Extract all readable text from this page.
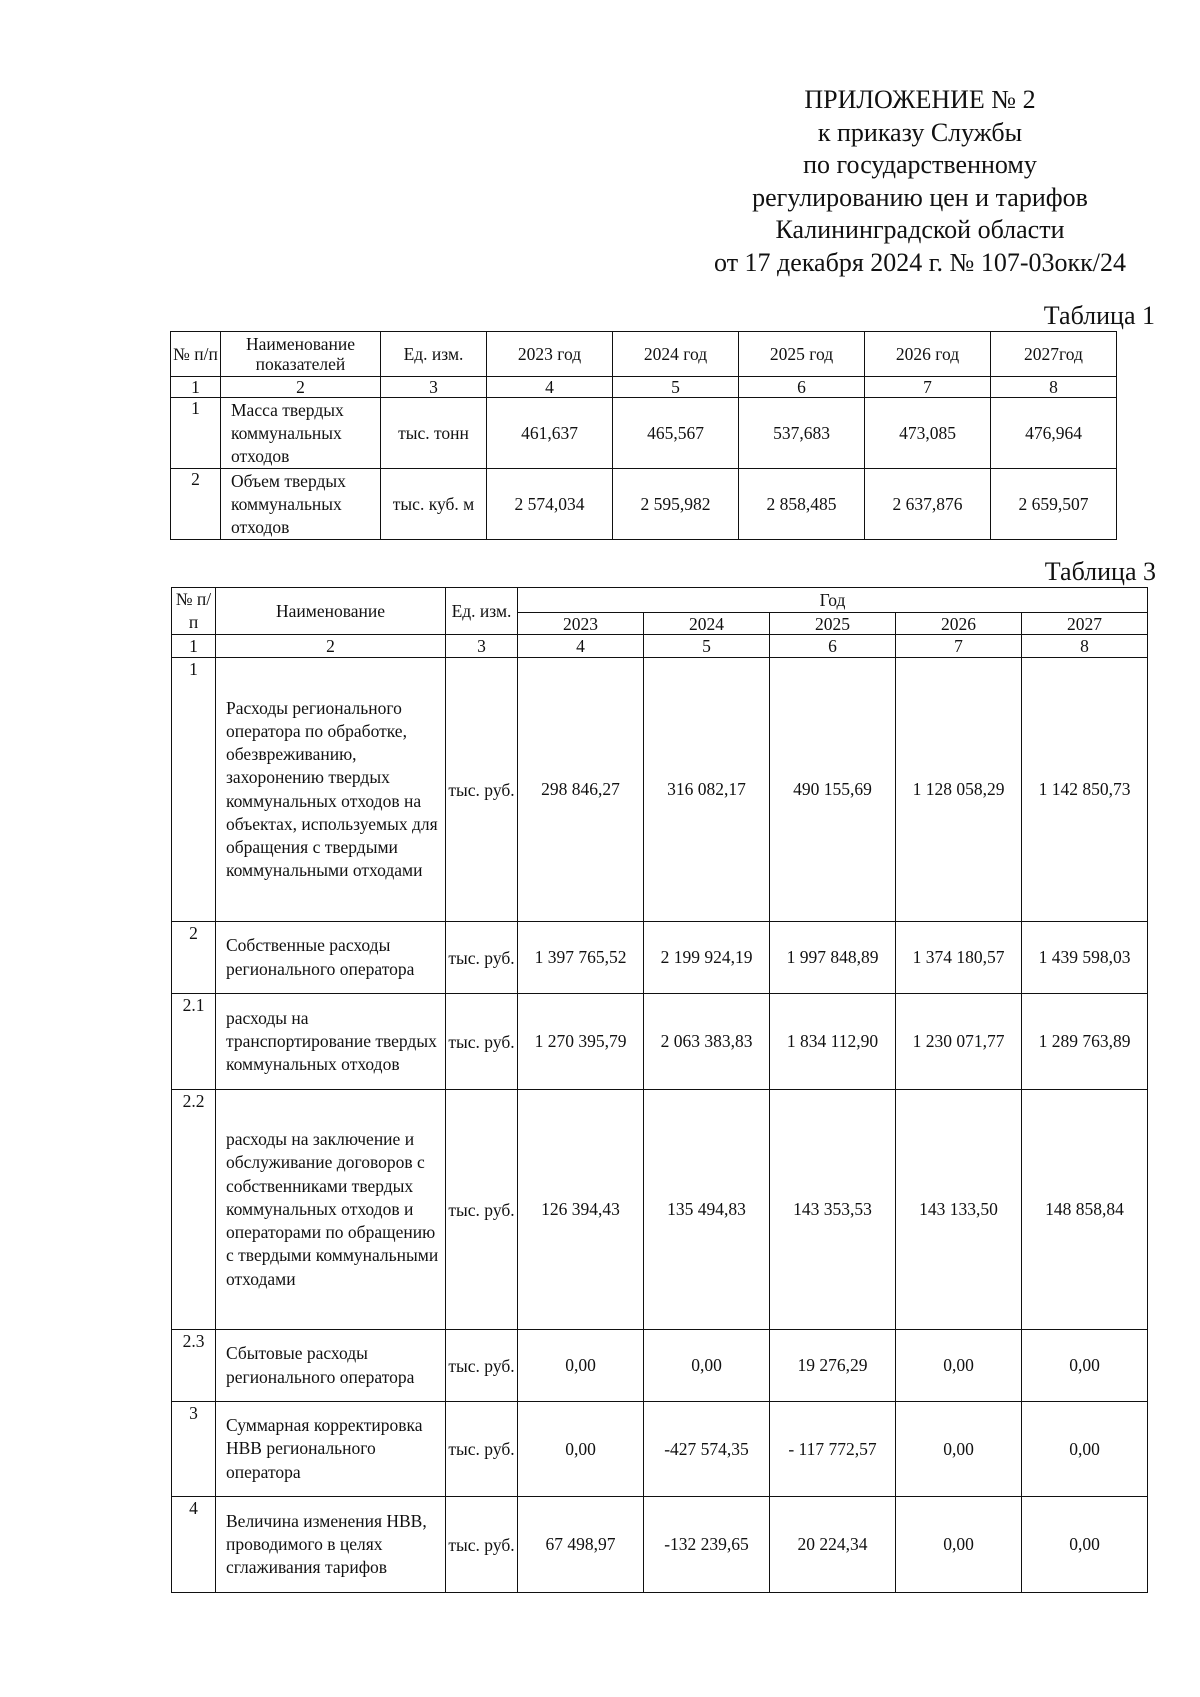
ПРИЛОЖЕНИЕ № 2
к приказу Службы
по государственному
регулированию цен и тарифов
Калининградской области
от 17 декабря 2024 г. № 107-03окк/24
Таблица 1
№ п/п	Наименование показателей	Ед. изм.	2023 год	2024 год	2025 год	2026 год	2027год
1	2	3	4	5	6	7	8
1	Масса твердых коммунальных отходов	тыс. тонн	461,637	465,567	537,683	473,085	476,964
2	Объем твердых коммунальных отходов	тыс. куб. м	2 574,034	2 595,982	2 858,485	2 637,876	2 659,507
Таблица 3
№ п/п	Наименование	Ед. изм.	Год				
			2023	2024	2025	2026	2027
1	2	3	4	5	6	7	8
1	Расходы регионального оператора по обработке, обезвреживанию, захоронению твердых коммунальных отходов на объектах, используемых для обращения с твердыми коммунальными отходами	тыс. руб.	298 846,27	316 082,17	490 155,69	1 128 058,29	1 142 850,73
2	Собственные расходы регионального оператора	тыс. руб.	1 397 765,52	2 199 924,19	1 997 848,89	1 374 180,57	1 439 598,03
2.1	расходы на транспортирование твердых коммунальных отходов	тыс. руб.	1 270 395,79	2 063 383,83	1 834 112,90	1 230 071,77	1 289 763,89
2.2	расходы на заключение и обслуживание договоров с собственниками твердых коммунальных отходов и операторами по обращению с твердыми коммунальными отходами	тыс. руб.	126 394,43	135 494,83	143 353,53	143 133,50	148 858,84
2.3	Сбытовые расходы регионального оператора	тыс. руб.	0,00	0,00	19 276,29	0,00	0,00
3	Суммарная корректировка НВВ регионального оператора	тыс. руб.	0,00	-427 574,35	- 117 772,57	0,00	0,00
4	Величина изменения НВВ, проводимого в целях сглаживания тарифов	тыс. руб.	67 498,97	-132 239,65	20 224,34	0,00	0,00
